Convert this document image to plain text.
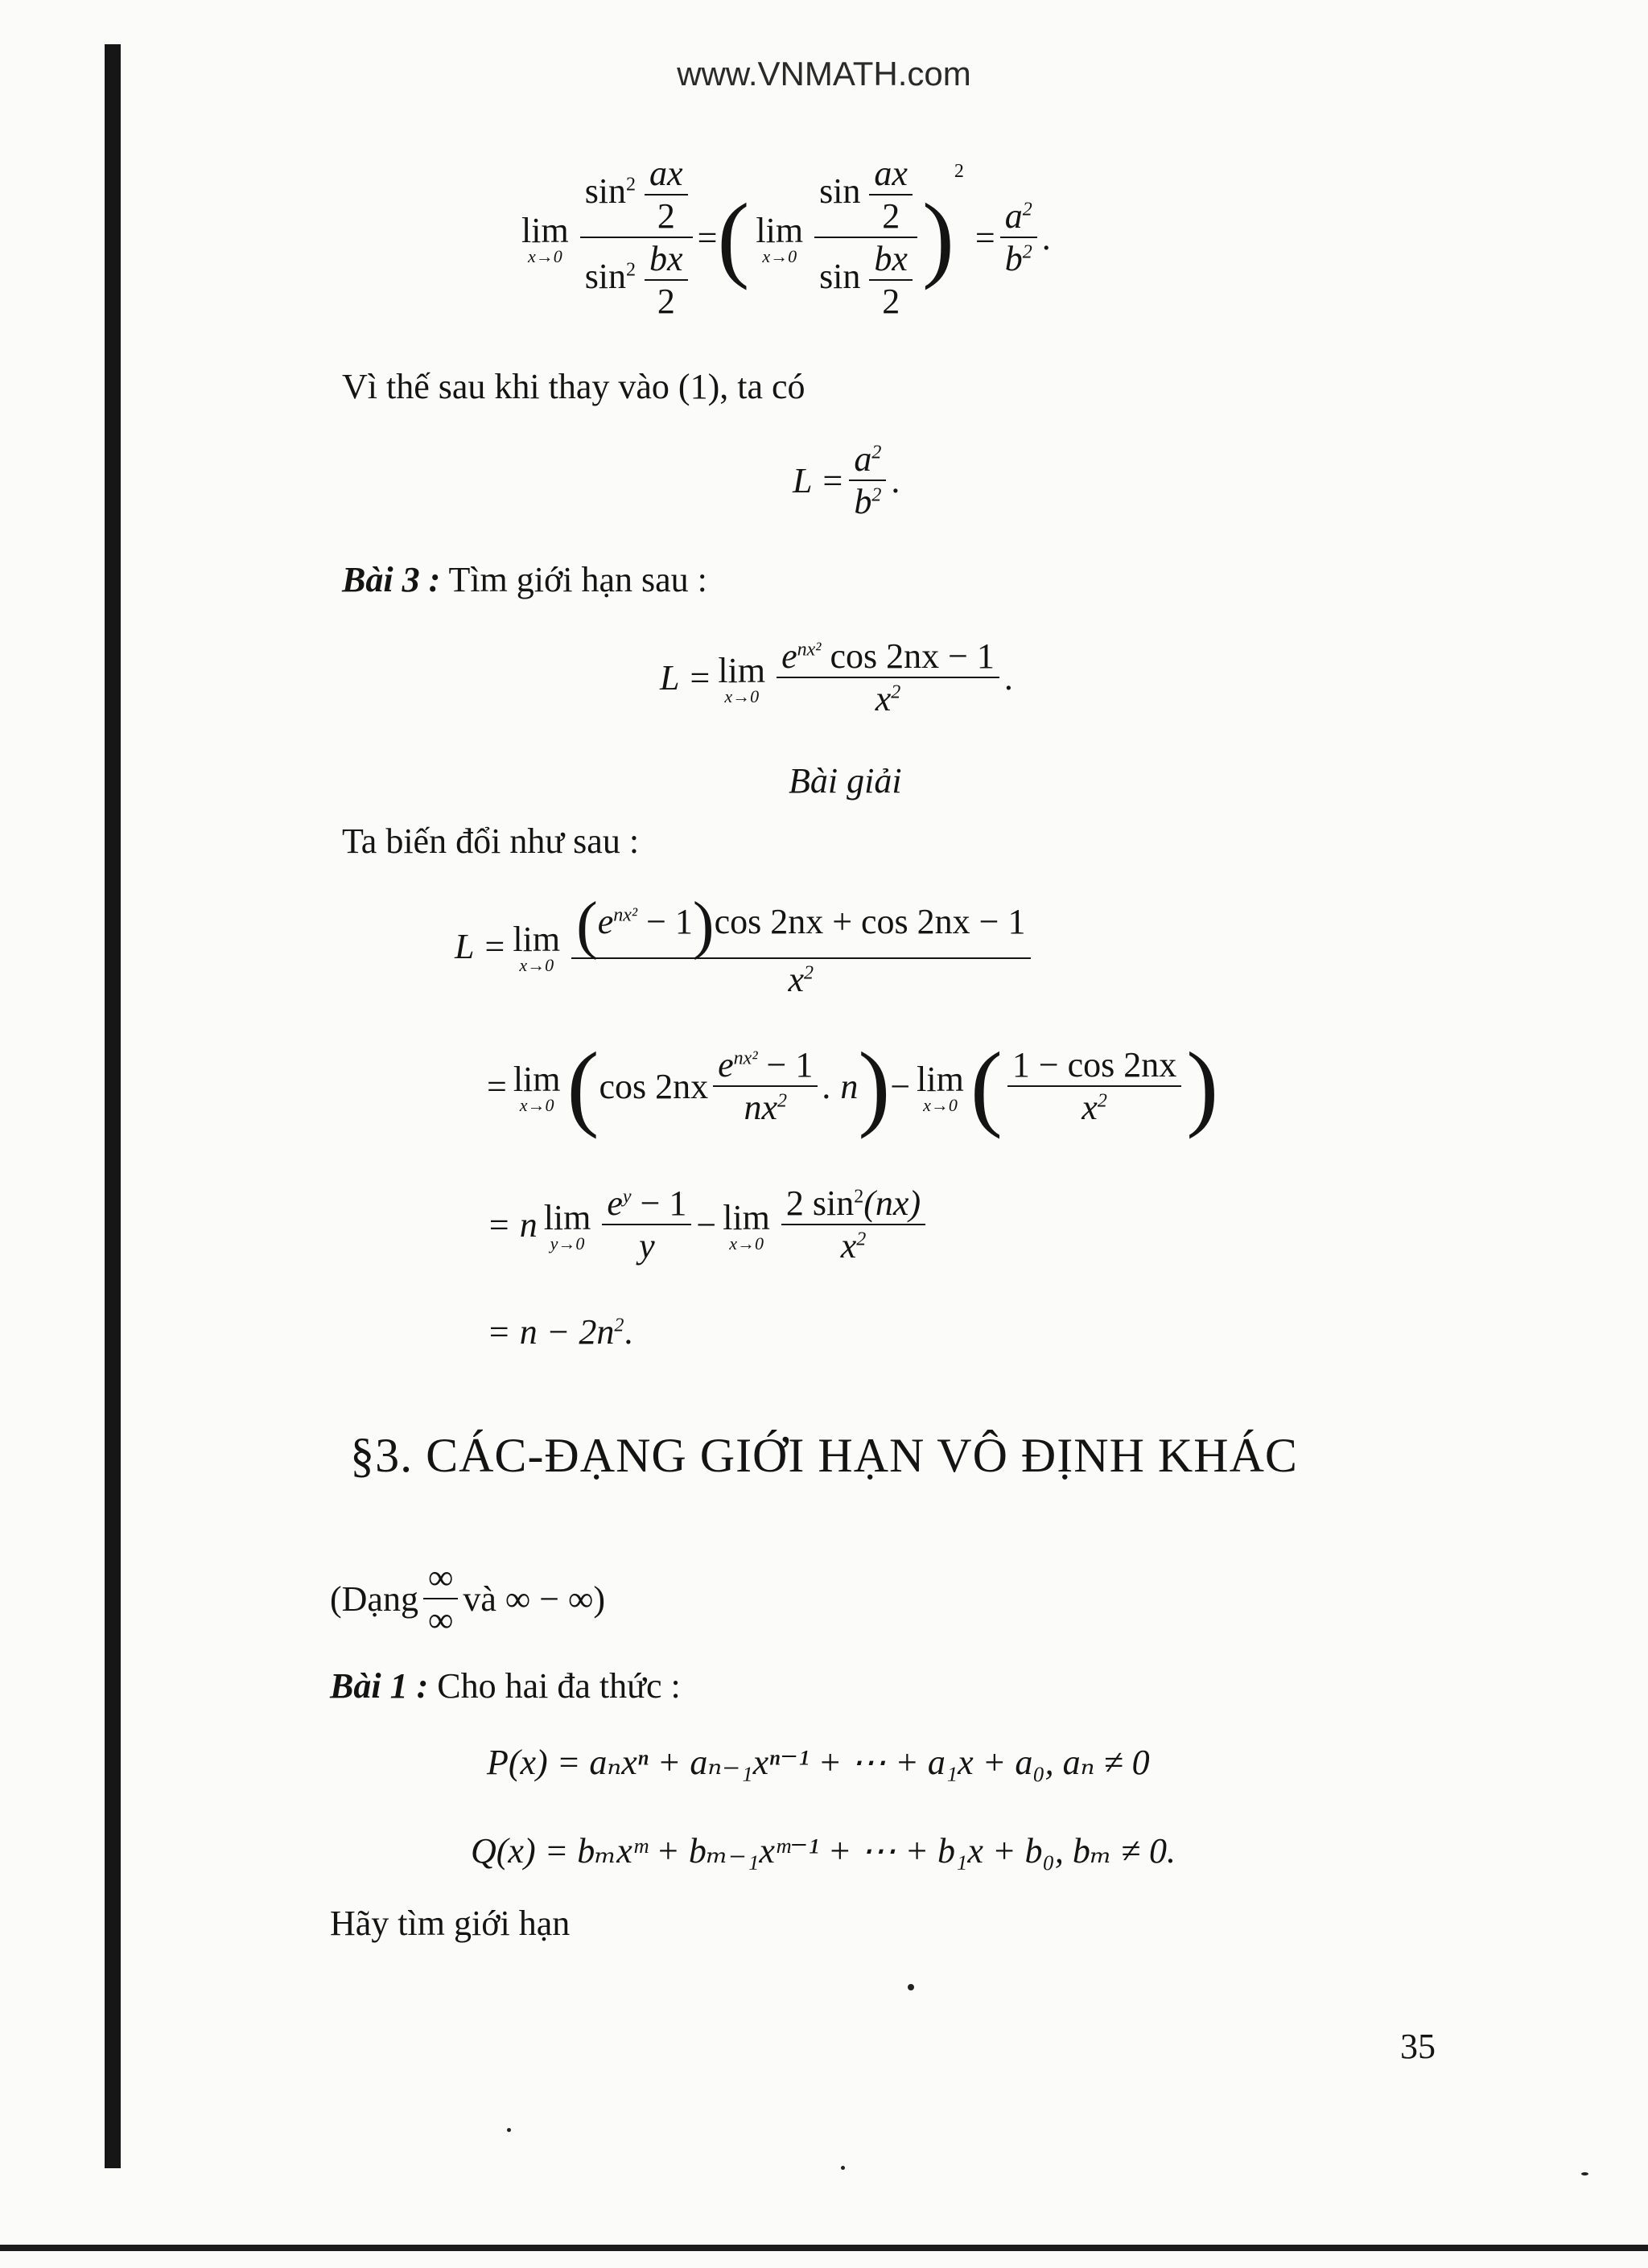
www.VNMATH.com
lim
$x\to 0 \frac{\sin^2 \frac{ax}{2}}{\sin^2 \frac{bx}{2}}$ = ( lim
$x\to 0 \frac{\sin \frac{ax}{2}}{\sin \frac{bx}{2}}$ )
2
= $\frac{a^2}{b^2}$ .
Vì thế sau khi thay vào (1), ta có
$L = \frac{a^2}{b^2}$ .
Bài 3 : Tìm giới hạn sau :
L = lim
$x\to 0 \frac{e^{nx^2} \cos 2nx - 1}{x^2}$ .
Bài giải
Ta biến đổi như sau :
L = lim
$x\to 0 \frac{(e^{nx^2} - 1)\cos 2nx + \cos 2nx - 1}{x^2}$
= lim
x→0 ( $\cos 2nx \frac{e^{nx^2} - 1}{nx^2}$ . n ) − lim
x→0 ( $\frac{1 - \cos 2nx}{x^2}$ )
= n lim
$y\to 0 \frac{e^y - 1}{y} - \lim$
$x\to 0 \frac{2 \sin^2(nx)}{x^2}$
= $n - 2n^2$.
§3. CÁC-ĐẠNG GIỚI HẠN VÔ ĐỊNH KHÁC
(Dạng $\frac{\infty}{\infty}$ và ∞ − ∞)
Bài 1 : Cho hai đa thức :
P(x) = aₙxⁿ + aₙ₋₁xⁿ⁻¹ + ⋯ + a₁x + a₀, aₙ ≠ 0
Q(x) = bₘxᵐ + bₘ₋₁xᵐ⁻¹ + ⋯ + b₁x + b₀, bₘ ≠ 0.
Hãy tìm giới hạn
35
